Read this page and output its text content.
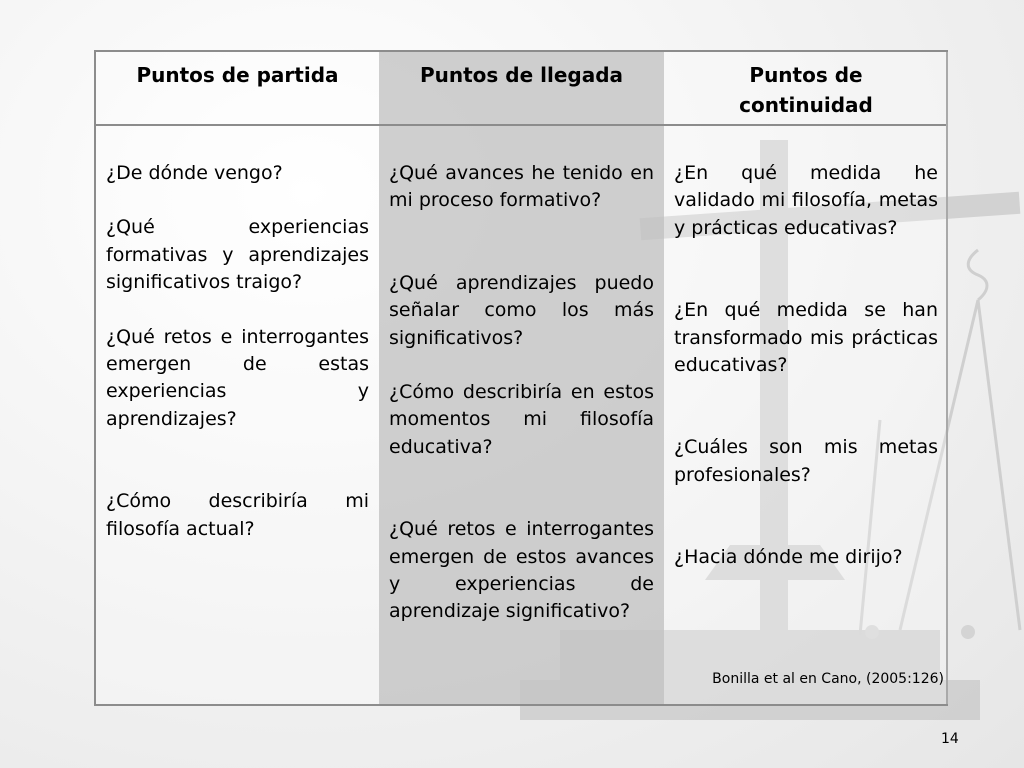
Puntos de partida

¿De dónde vengo?

¿Qué experiencias formativas y aprendizajes significativos traigo?

¿Qué retos e interrogantes emergen de estas experiencias y aprendizajes?

¿Cómo describiría mi filosofía actual?

Puntos de llegada

¿Qué avances he tenido en mi proceso formativo?

¿Qué aprendizajes puedo señalar como los más significativos?

¿Cómo describiría en estos momentos mi filosofía educativa?

¿Qué retos e interrogantes emergen de estos avances y experiencias de aprendizaje significativo?

Puntos de continuidad

¿En qué medida he validado mi filosofía, metas y prácticas educativas?

¿En qué medida se han transformado mis prácticas educativas?

¿Cuáles son mis metas profesionales?

¿Hacia dónde me dirijo?

Bonilla et al en Cano, (2005:126)
14
